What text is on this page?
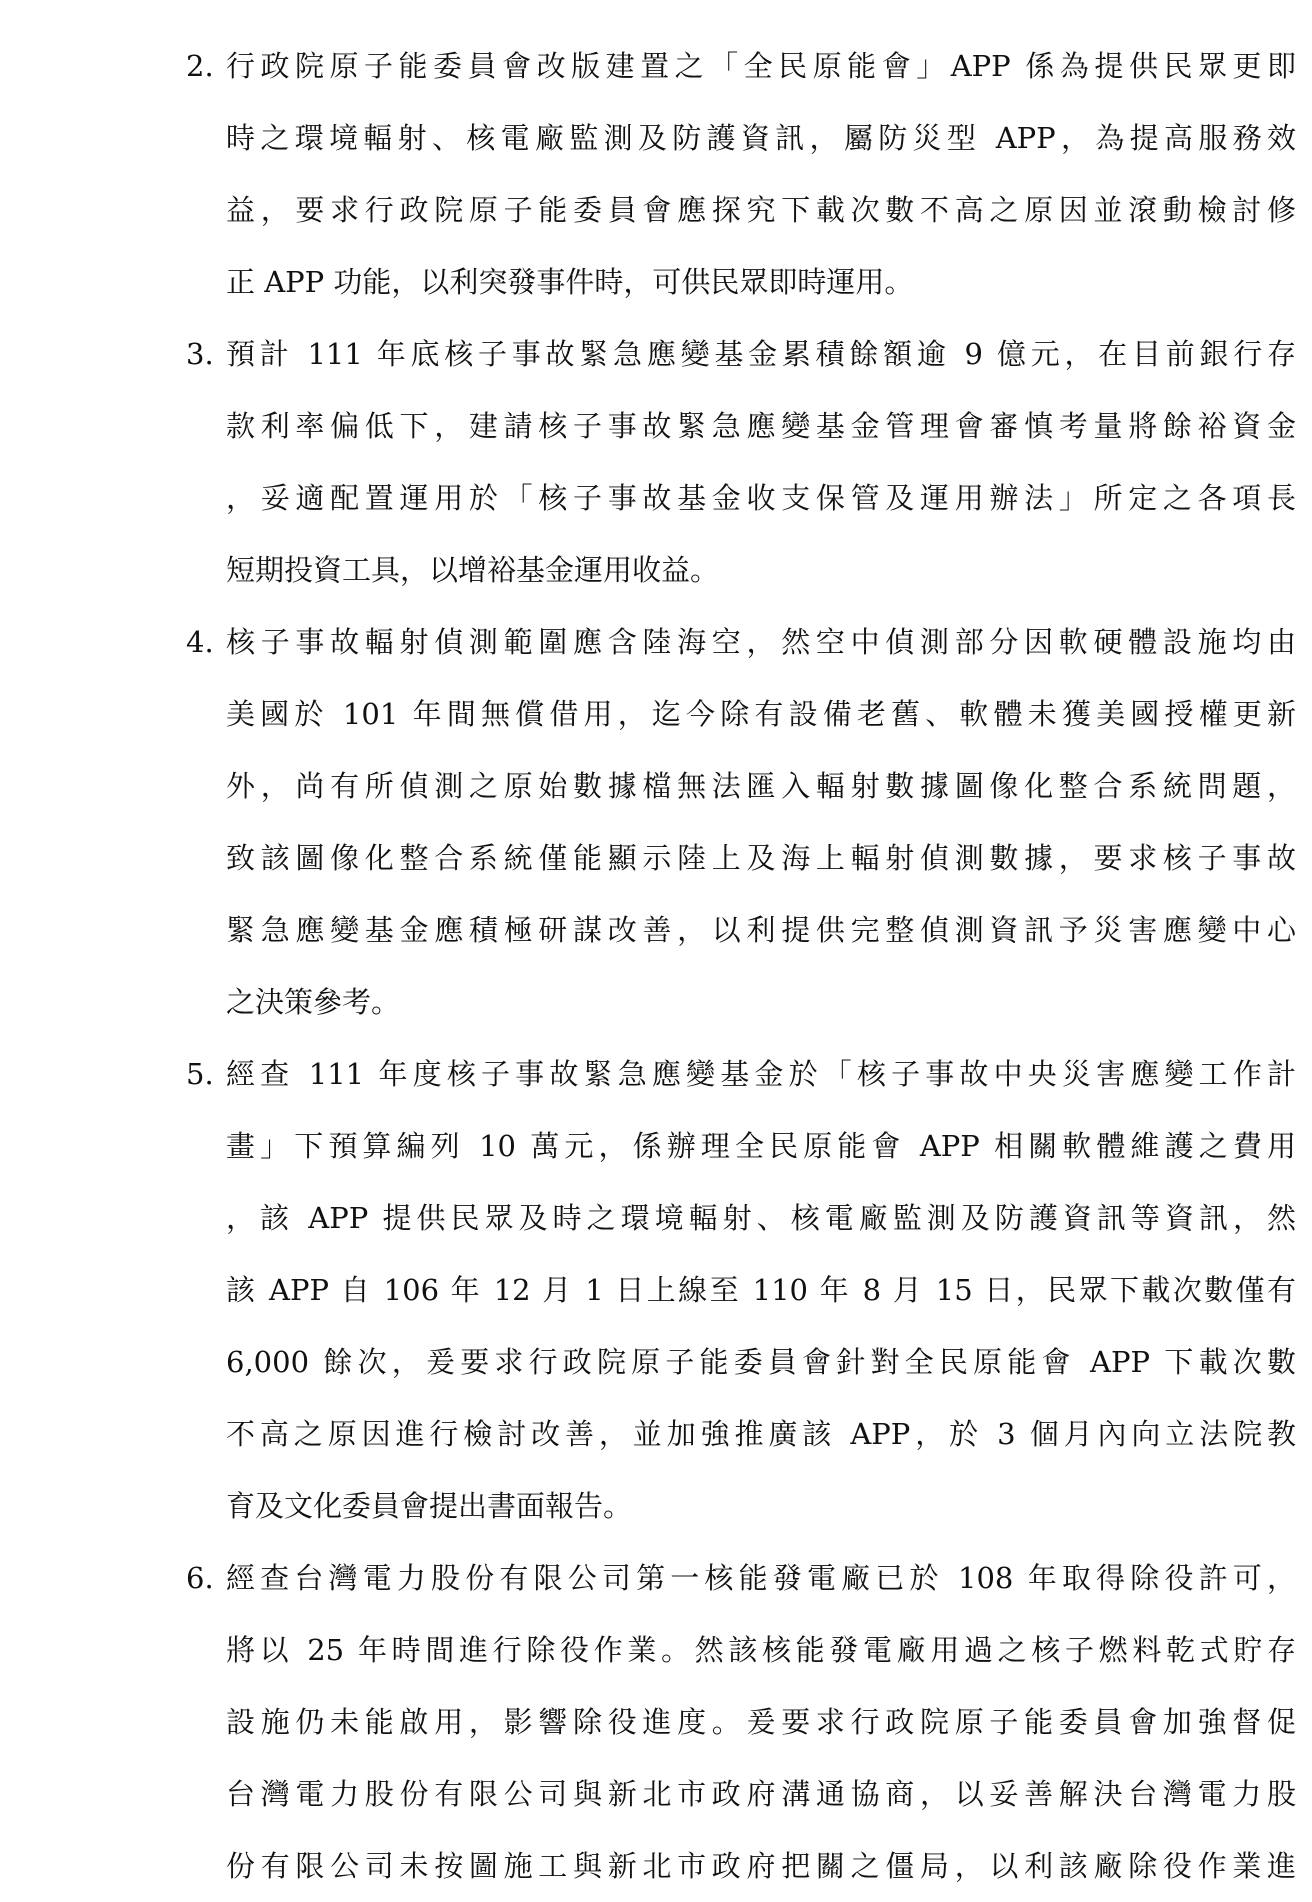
2. 行政院原子能委員會改版建置之「全民原能會」APP 係為提供民眾更即
時之環境輻射、核電廠監測及防護資訊，屬防災型 APP，為提高服務效
益，要求行政院原子能委員會應探究下載次數不高之原因並滾動檢討修
正 APP 功能，以利突發事件時，可供民眾即時運用。
3. 預計 111 年底核子事故緊急應變基金累積餘額逾 9 億元，在目前銀行存
款利率偏低下，建請核子事故緊急應變基金管理會審慎考量將餘裕資金
，妥適配置運用於「核子事故基金收支保管及運用辦法」所定之各項長
短期投資工具，以增裕基金運用收益。
4. 核子事故輻射偵測範圍應含陸海空，然空中偵測部分因軟硬體設施均由
美國於 101 年間無償借用，迄今除有設備老舊、軟體未獲美國授權更新
外，尚有所偵測之原始數據檔無法匯入輻射數據圖像化整合系統問題，
致該圖像化整合系統僅能顯示陸上及海上輻射偵測數據，要求核子事故
緊急應變基金應積極研謀改善，以利提供完整偵測資訊予災害應變中心
之決策參考。
5. 經查 111 年度核子事故緊急應變基金於「核子事故中央災害應變工作計
畫」下預算編列 10 萬元，係辦理全民原能會 APP 相關軟體維護之費用
，該 APP 提供民眾及時之環境輻射、核電廠監測及防護資訊等資訊，然
該 APP 自 106 年 12 月 1 日上線至 110 年 8 月 15 日，民眾下載次數僅有
6,000 餘次，爰要求行政院原子能委員會針對全民原能會 APP 下載次數
不高之原因進行檢討改善，並加強推廣該 APP，於 3 個月內向立法院教
育及文化委員會提出書面報告。
6. 經查台灣電力股份有限公司第一核能發電廠已於 108 年取得除役許可，
將以 25 年時間進行除役作業。然該核能發電廠用過之核子燃料乾式貯存
設施仍未能啟用，影響除役進度。爰要求行政院原子能委員會加強督促
台灣電力股份有限公司與新北市政府溝通協商，以妥善解決台灣電力股
份有限公司未按圖施工與新北市政府把關之僵局，以利該廠除役作業進
